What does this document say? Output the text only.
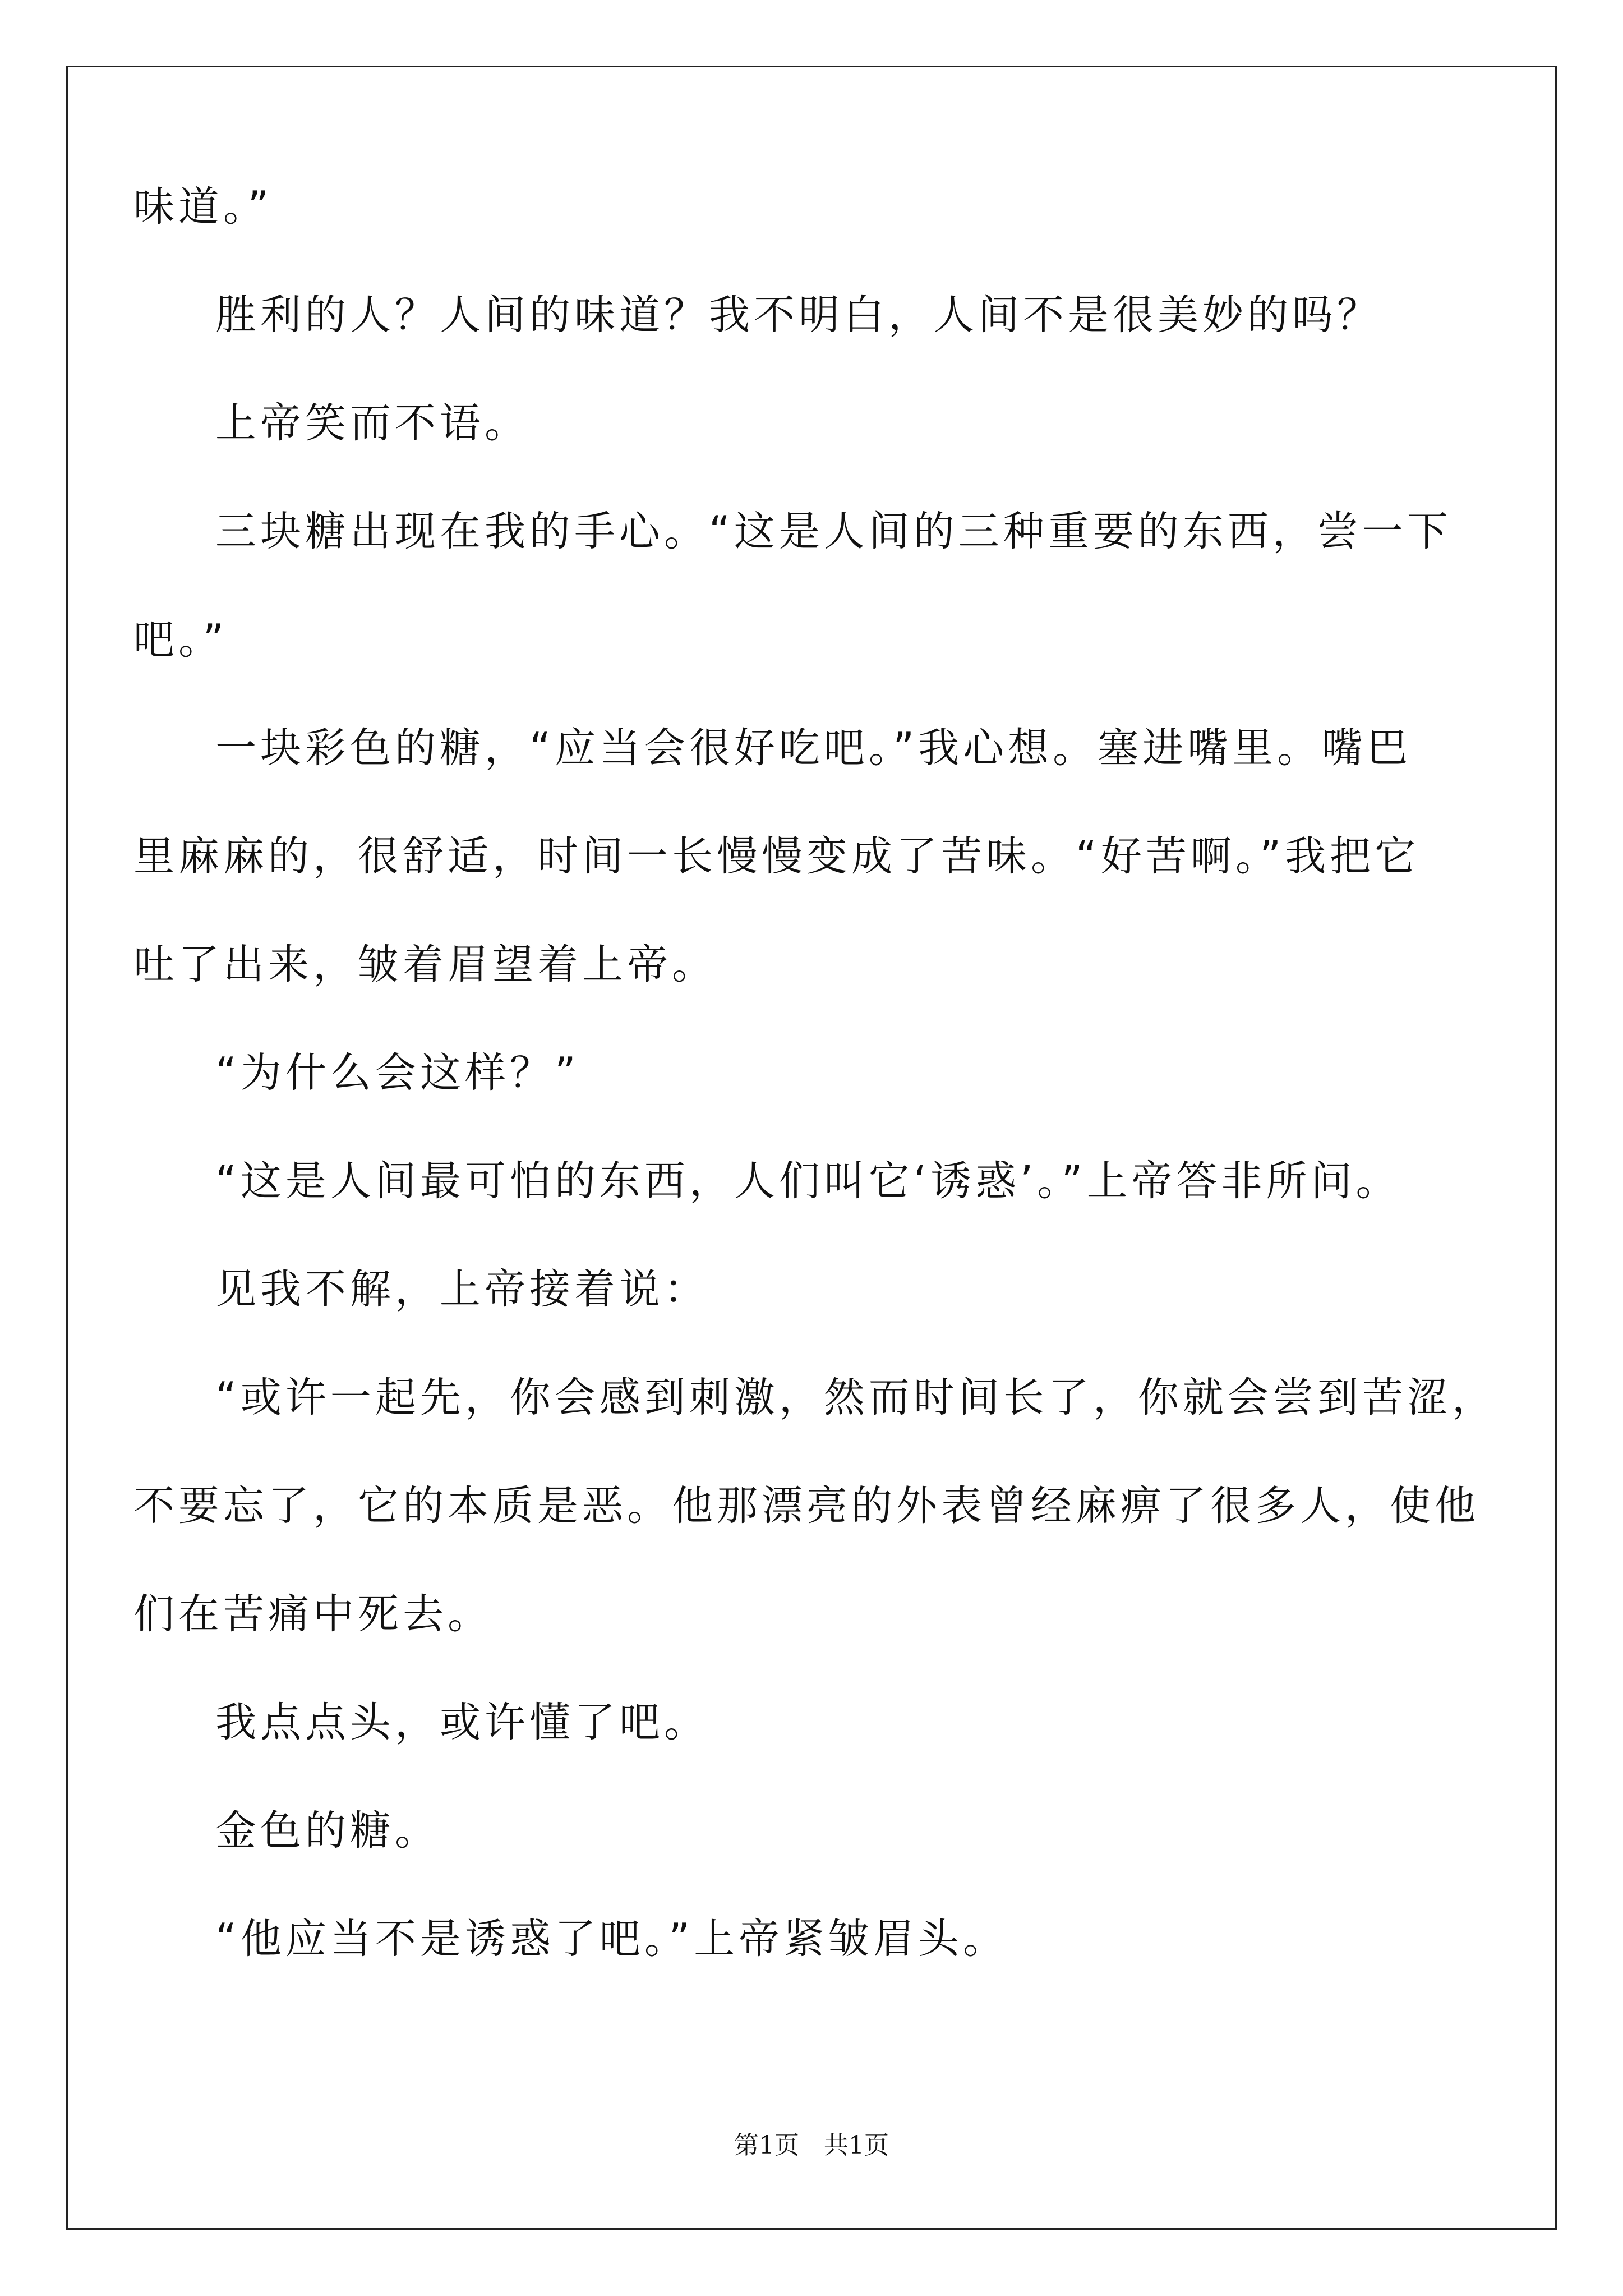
味道。”
胜利的人？人间的味道？我不明白，人间不是很美妙的吗？
上帝笑而不语。
三块糖出现在我的手心。“这是人间的三种重要的东西，尝一下
吧。”
一块彩色的糖，“应当会很好吃吧。”我心想。塞进嘴里。嘴巴
里麻麻的，很舒适，时间一长慢慢变成了苦味。“好苦啊。”我把它
吐了出来，皱着眉望着上帝。
“为什么会这样？”
“这是人间最可怕的东西，人们叫它‘诱惑’。”上帝答非所问。
见我不解，上帝接着说：
“或许一起先，你会感到刺激，然而时间长了，你就会尝到苦涩，
不要忘了，它的本质是恶。他那漂亮的外表曾经麻痹了很多人，使他
们在苦痛中死去。
我点点头，或许懂了吧。
金色的糖。
“他应当不是诱惑了吧。”上帝紧皱眉头。
第1页　共1页
